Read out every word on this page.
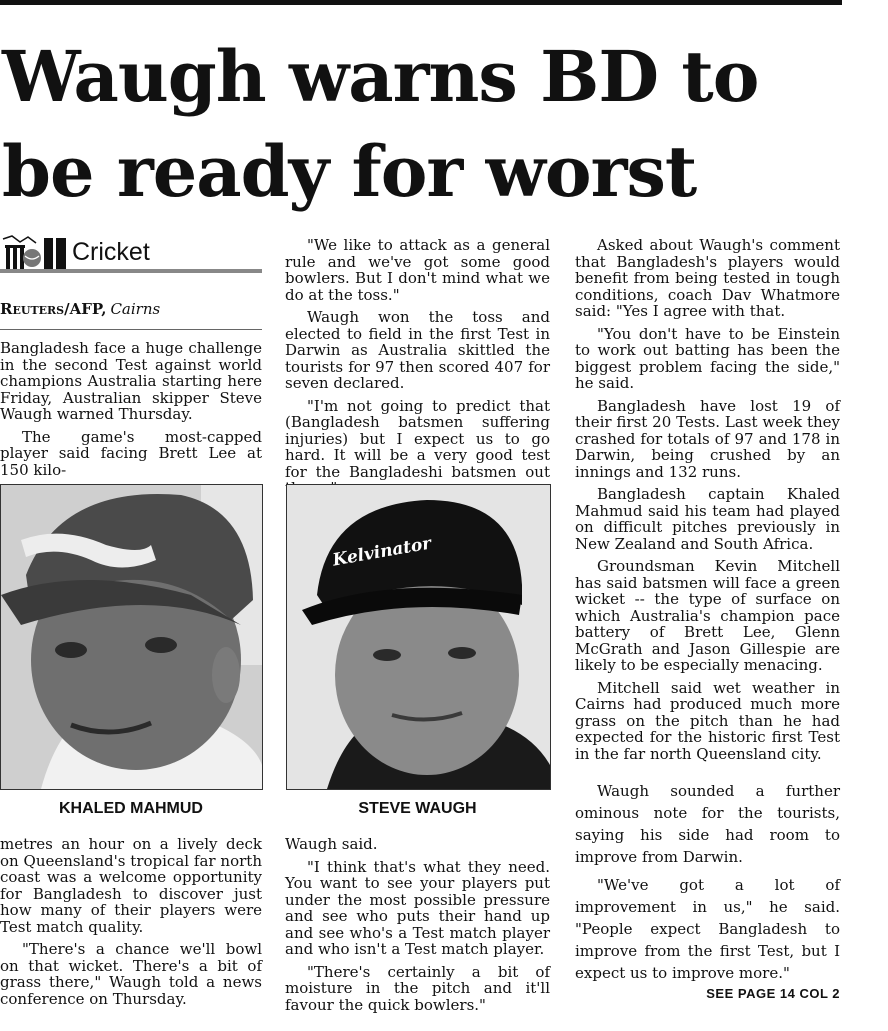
Waugh warns BD to
be ready for worst
Cricket
Reuters/AFP, Cairns

Bangladesh face a huge challenge in the second Test against world champions Australia starting here Friday, Australian skipper Steve Waugh warned Thursday.

The game's most-capped player said facing Brett Lee at 150 kilo-

"We like to attack as a general rule and we've got some good bowlers. But I don't mind what we do at the toss."

Waugh won the toss and elected to field in the first Test in Darwin as Australia skittled the tourists for 97 then scored 407 for seven declared.

"I'm not going to predict that (Bangladesh batsmen suffering injuries) but I expect us to go hard. It will be a very good test for the Bangladeshi batsmen out

Asked about Waugh's comment that Bangladesh's players would benefit from being tested in tough conditions, coach Dav Whatmore said: "Yes I agree with that.

"You don't have to be Einstein to work out batting has been the biggest problem facing the side," he said.

Bangladesh have lost 19 of their first 20 Tests. Last week they crashed for totals of 97 and 178 in Darwin, being crushed by an innings and 132 runs.

Bangladesh captain Khaled Mahmud said his team had played on difficult pitches previously in New Zealand and South Africa.

Groundsman Kevin Mitchell has said batsmen will face a green wicket -- the type of surface on which Australia's champion pace battery of Brett Lee, Glenn McGrath and Jason Gillespie are likely to be especially menacing.

Mitchell said wet weather in Cairns had produced much more grass on the pitch than he had expected for the historic first Test in the far north Queensland city.

Waugh sounded a further ominous note for the tourists, saying his side had room to improve from Darwin.

"We've got a lot of improvement in us," he said. "People expect Bangladesh to improve from the first Test, but I expect us to improve more."

Kelvinator
KHALED MAHMUD	STEVE WAUGH

metres an hour on a lively deck on Queensland's tropical far north coast was a welcome opportunity for Bangladesh to discover just how many of their players were Test match quality.

"There's a chance we'll bowl on that wicket. There's a bit of grass there," Waugh told a news conference on Thursday.

Waugh said.

"I think that's what they need. You want to see your players put under the most possible pressure and see who puts their hand up and see who's a Test match player and who isn't a Test match player.

"There's certainly a bit of moisture in the pitch and it'll favour the quick bowlers."

SEE PAGE 14 COL 2
